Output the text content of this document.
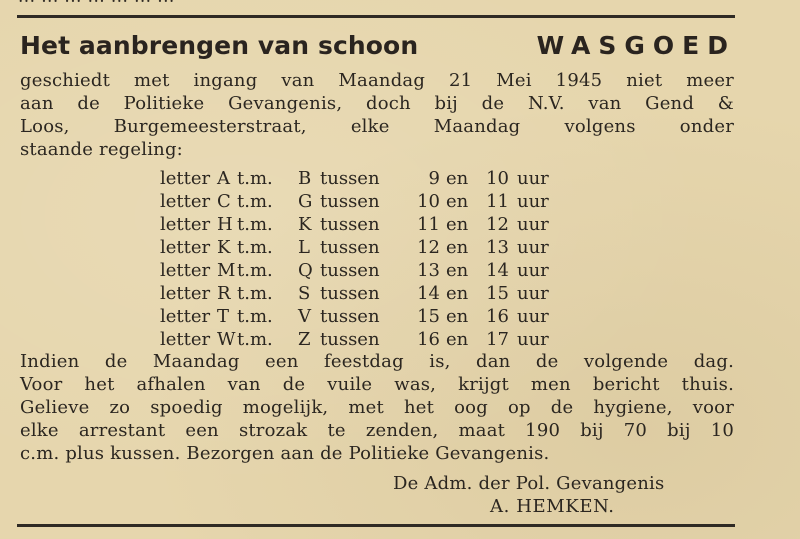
Het aanbrengen van schoon	WASGOED
geschiedt met ingang van Maandag 21 Mei 1945 niet meer
aan de Politieke Gevangenis, doch bij de N.V. van Gend &
Loos, Burgemeesterstraat, elke Maandag volgens onder
staande regeling:
letter A t.m. B tussen	9 en 10 uur
letter C t.m. G tussen	10 en 11 uur
letter H t.m. K tussen	11 en 12 uur
letter K t.m. L tussen	12 en 13 uur
letter M t.m. Q tussen	13 en 14 uur
letter R t.m. S tussen	14 en 15 uur
letter T t.m. V tussen	15 en 16 uur
letter W t.m. Z tussen	16 en 17 uur
Indien de Maandag een feestdag is, dan de volgende dag.
Voor het afhalen van de vuile was, krijgt men bericht thuis.
Gelieve zo spoedig mogelijk, met het oog op de hygiene, voor
elke arrestant een strozak te zenden, maat 190 bij 70 bij 10
c.m. plus kussen. Bezorgen aan de Politieke Gevangenis.
De Adm. der Pol. Gevangenis
A. HEMKEN.
